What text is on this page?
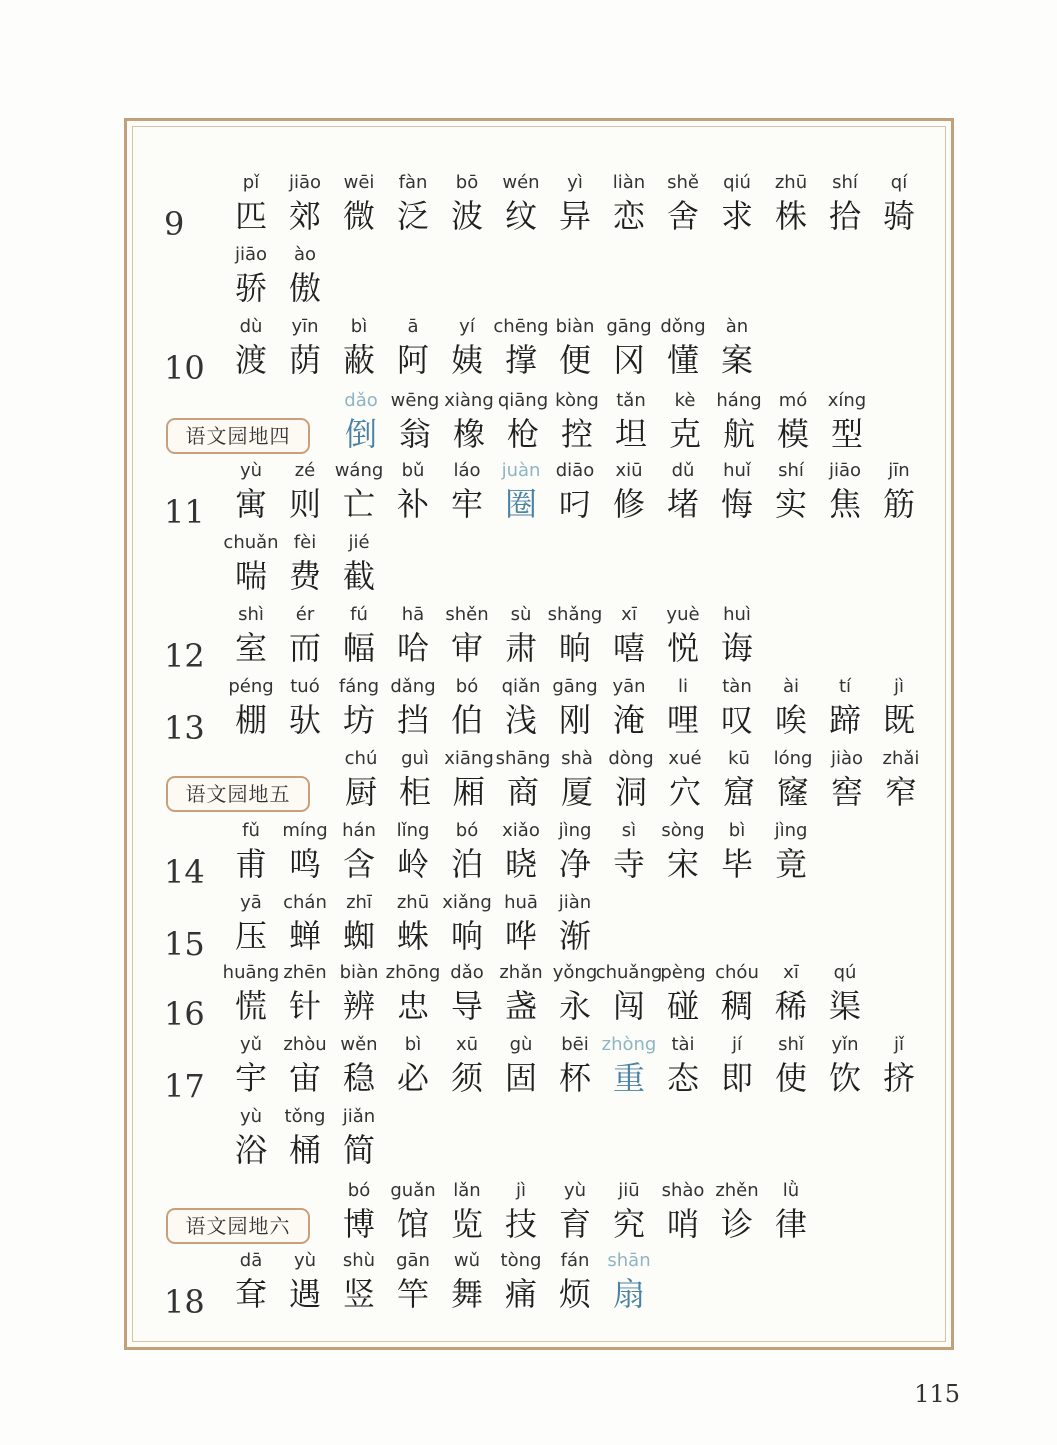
9
pǐ
匹
jiāo
郊
wēi
微
fàn
泛
bō
波
wén
纹
yì
异
liàn
恋
shě
舍
qiú
求
zhū
株
shí
拾
qí
骑
jiāo
骄
ào
傲
10
dù
渡
yīn
荫
bì
蔽
ā
阿
yí
姨
chēng
撑
biàn
便
gāng
冈
dǒng
懂
àn
案
语文园地四
dǎo
倒
wēng
翁
xiàng
橡
qiāng
枪
kòng
控
tǎn
坦
kè
克
háng
航
mó
模
xíng
型
11
yù
寓
zé
则
wáng
亡
bǔ
补
láo
牢
juàn
圈
diāo
叼
xiū
修
dǔ
堵
huǐ
悔
shí
实
jiāo
焦
jīn
筋
chuǎn
喘
fèi
费
jié
截
12
shì
室
ér
而
fú
幅
hā
哈
shěn
审
sù
肃
shǎng
晌
xī
嘻
yuè
悦
huì
诲
13
péng
棚
tuó
驮
fáng
坊
dǎng
挡
bó
伯
qiǎn
浅
gāng
刚
yān
淹
li
哩
tàn
叹
ài
唉
tí
蹄
jì
既
语文园地五
chú
厨
guì
柜
xiāng
厢
shāng
商
shà
厦
dòng
洞
xué
穴
kū
窟
lóng
窿
jiào
窖
zhǎi
窄
14
fǔ
甫
míng
鸣
hán
含
lǐng
岭
bó
泊
xiǎo
晓
jìng
净
sì
寺
sòng
宋
bì
毕
jìng
竟
15
yā
压
chán
蝉
zhī
蜘
zhū
蛛
xiǎng
响
huā
哗
jiàn
渐
16
huāng
慌
zhēn
针
biàn
辨
zhōng
忠
dǎo
导
zhǎn
盏
yǒng
永
chuǎng
闯
pèng
碰
chóu
稠
xī
稀
qú
渠
17
yǔ
宇
zhòu
宙
wěn
稳
bì
必
xū
须
gù
固
bēi
杯
zhòng
重
tài
态
jí
即
shǐ
使
yǐn
饮
jǐ
挤
yù
浴
tǒng
桶
jiǎn
简
语文园地六
bó
博
guǎn
馆
lǎn
览
jì
技
yù
育
jiū
究
shào
哨
zhěn
诊
lǜ
律
18
dā
耷
yù
遇
shù
竖
gān
竿
wǔ
舞
tòng
痛
fán
烦
shān
扇
115
